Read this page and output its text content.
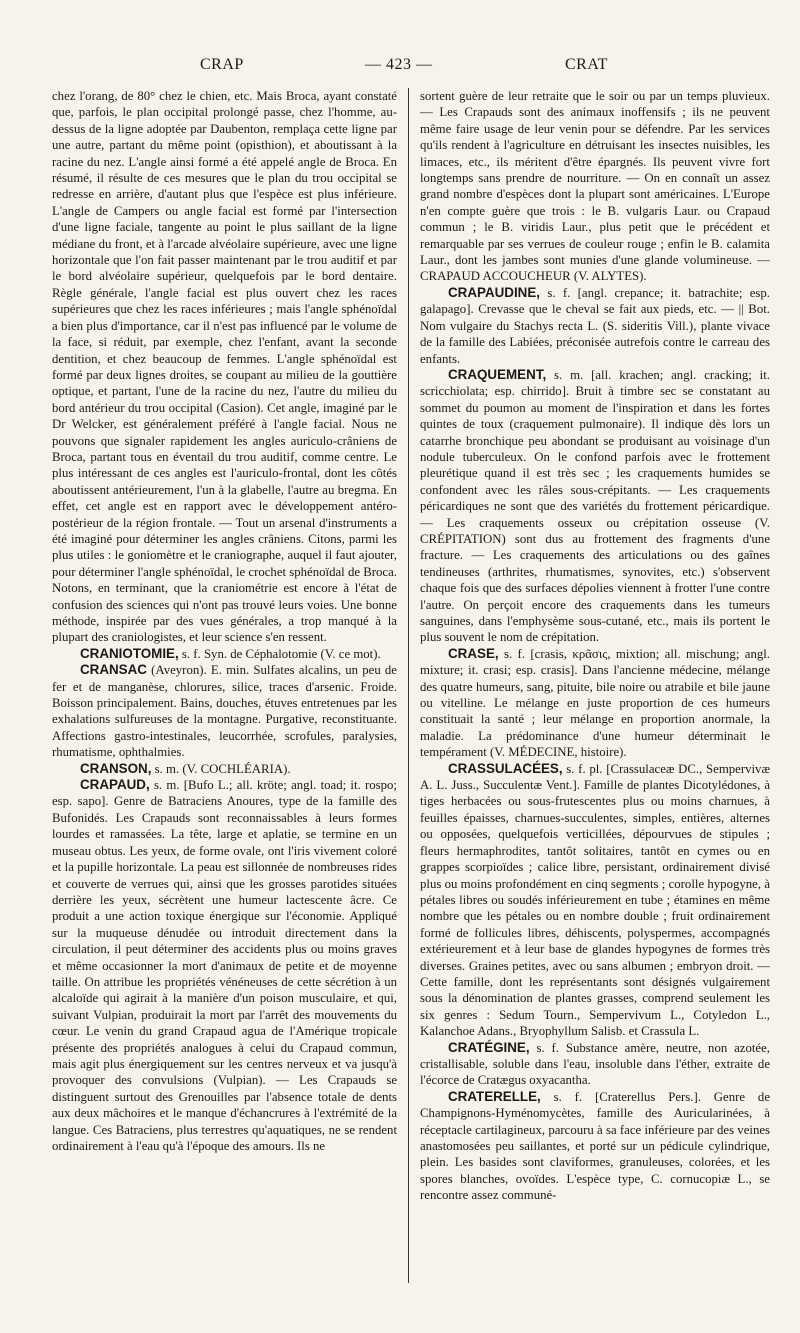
CRAP	— 423 —	CRAT

chez l'orang, de 80° chez le chien, etc. Mais Broca, ayant constaté que, parfois, le plan occipital prolongé passe, chez l'homme, au-dessus de la ligne adoptée par Daubenton, remplaça cette ligne par une autre, partant du même point (opisthion), et aboutissant à la racine du nez. L'angle ainsi formé a été appelé angle de Broca. En résumé, il résulte de ces mesures que le plan du trou occipital se redresse en arrière, d'autant plus que l'espèce est plus inférieure. L'angle de Campers ou angle facial est formé par l'intersection d'une ligne faciale, tangente au point le plus saillant de la ligne médiane du front, et à l'arcade alvéolaire supérieure, avec une ligne horizontale que l'on fait passer maintenant par le trou auditif et par le bord alvéolaire supérieur, quelquefois par le bord dentaire. Règle générale, l'angle facial est plus ouvert chez les races supérieures que chez les races inférieures ; mais l'angle sphénoïdal a bien plus d'importance, car il n'est pas influencé par le volume de la face, si réduit, par exemple, chez l'enfant, avant la seconde dentition, et chez beaucoup de femmes. L'angle sphénoïdal est formé par deux lignes droites, se coupant au milieu de la gouttière optique, et partant, l'une de la racine du nez, l'autre du milieu du bord antérieur du trou occipital (Casion). Cet angle, imaginé par le Dr Welcker, est généralement préféré à l'angle facial. Nous ne pouvons que signaler rapidement les angles auriculo-crâniens de Broca, partant tous en éventail du trou auditif, comme centre. Le plus intéressant de ces angles est l'auriculo-frontal, dont les côtés aboutissent antérieurement, l'un à la glabelle, l'autre au bregma. En effet, cet angle est en rapport avec le développement antéro-postérieur de la région frontale. — Tout un arsenal d'instruments a été imaginé pour déterminer les angles crâniens. Citons, parmi les plus utiles : le goniomètre et le craniographe, auquel il faut ajouter, pour déterminer l'angle sphénoïdal, le crochet sphénoïdal de Broca. Notons, en terminant, que la craniométrie est encore à l'état de confusion des sciences qui n'ont pas trouvé leurs voies. Une bonne méthode, inspirée par des vues générales, a trop manqué à la plupart des craniologistes, et leur science s'en ressent.

CRANIOTOMIE, s. f. Syn. de Céphalotomie (V. ce mot).

CRANSAC (Aveyron). E. min. Sulfates alcalins, un peu de fer et de manganèse, chlorures, silice, traces d'arsenic. Froide. Boisson principalement. Bains, douches, étuves entretenues par les exhalations sulfureuses de la montagne. Purgative, reconstituante. Affections gastro-intestinales, leucorrhée, scrofules, paralysies, rhumatisme, ophthalmies.

CRANSON, s. m. (V. COCHLÉARIA).

CRAPAUD, s. m. [Bufo L.; all. kröte; angl. toad; it. rospo; esp. sapo]. Genre de Batraciens Anoures, type de la famille des Bufonidés. Les Crapauds sont reconnaissables à leurs formes lourdes et ramassées. La tête, large et aplatie, se termine en un museau obtus. Les yeux, de forme ovale, ont l'iris vivement coloré et la pupille horizontale. La peau est sillonnée de nombreuses rides et couverte de verrues qui, ainsi que les grosses parotides situées derrière les yeux, sécrètent une humeur lactescente âcre. Ce produit a une action toxique énergique sur l'économie. Appliqué sur la muqueuse dénudée ou introduit directement dans la circulation, il peut déterminer des accidents plus ou moins graves et même occasionner la mort d'animaux de petite et de moyenne taille. On attribue les propriétés vénéneuses de cette sécrétion à un alcaloïde qui agirait à la manière d'un poison musculaire, et qui, suivant Vulpian, produirait la mort par l'arrêt des mouvements du cœur. Le venin du grand Crapaud agua de l'Amérique tropicale présente des propriétés analogues à celui du Crapaud commun, mais agit plus énergiquement sur les centres nerveux et va jusqu'à provoquer des convulsions (Vulpian). — Les Crapauds se distinguent surtout des Grenouilles par l'absence totale de dents aux deux mâchoires et le manque d'échancrures à l'extrémité de la langue. Ces Batraciens, plus terrestres qu'aquatiques, ne se rendent ordinairement à l'eau qu'à l'époque des amours. Ils ne

sortent guère de leur retraite que le soir ou par un temps pluvieux. — Les Crapauds sont des animaux inoffensifs ; ils ne peuvent même faire usage de leur venin pour se défendre. Par les services qu'ils rendent à l'agriculture en détruisant les insectes nuisibles, les limaces, etc., ils méritent d'être épargnés. Ils peuvent vivre fort longtemps sans prendre de nourriture. — On en connaît un assez grand nombre d'espèces dont la plupart sont américaines. L'Europe n'en compte guère que trois : le B. vulgaris Laur. ou Crapaud commun ; le B. viridis Laur., plus petit que le précédent et remarquable par ses verrues de couleur rouge ; enfin le B. calamita Laur., dont les jambes sont munies d'une glande volumineuse. — CRAPAUD ACCOUCHEUR (V. ALYTES).

CRAPAUDINE, s. f. [angl. crepance; it. batrachite; esp. galapago]. Crevasse que le cheval se fait aux pieds, etc. — || Bot. Nom vulgaire du Stachys recta L. (S. sideritis Vill.), plante vivace de la famille des Labiées, préconisée autrefois contre le carreau des enfants.

CRAQUEMENT, s. m. [all. krachen; angl. cracking; it. scricchiolata; esp. chirrido]. Bruit à timbre sec se constatant au sommet du poumon au moment de l'inspiration et dans les fortes quintes de toux (craquement pulmonaire). Il indique dès lors un catarrhe bronchique peu abondant se produisant au voisinage d'un nodule tuberculeux. On le confond parfois avec le frottement pleurétique quand il est très sec ; les craquements humides se confondent avec les râles sous-crépitants. — Les craquements péricardiques ne sont que des variétés du frottement péricardique. — Les craquements osseux ou crépitation osseuse (V. CRÉPITATION) sont dus au frottement des fragments d'une fracture. — Les craquements des articulations ou des gaînes tendineuses (arthrites, rhumatismes, synovites, etc.) s'observent chaque fois que des surfaces dépolies viennent à frotter l'une contre l'autre. On perçoit encore des craquements dans les tumeurs sanguines, dans l'emphysème sous-cutané, etc., mais ils portent le plus souvent le nom de crépitation.

CRASE, s. f. [crasis, κρᾶσις, mixtion; all. mischung; angl. mixture; it. crasi; esp. crasis]. Dans l'ancienne médecine, mélange des quatre humeurs, sang, pituite, bile noire ou atrabile et bile jaune ou vitelline. Le mélange en juste proportion de ces humeurs constituait la santé ; leur mélange en proportion anormale, la maladie. La prédominance d'une humeur déterminait le tempérament (V. MÉDECINE, histoire).

CRASSULACÉES, s. f. pl. [Crassulaceæ DC., Sempervivæ A. L. Juss., Succulentæ Vent.]. Famille de plantes Dicotylédones, à tiges herbacées ou sous-frutescentes plus ou moins charnues, à feuilles épaisses, charnues-succulentes, simples, entières, alternes ou opposées, quelquefois verticillées, dépourvues de stipules ; fleurs hermaphrodites, tantôt solitaires, tantôt en cymes ou en grappes scorpioïdes ; calice libre, persistant, ordinairement divisé plus ou moins profondément en cinq segments ; corolle hypogyne, à pétales libres ou soudés inférieurement en tube ; étamines en même nombre que les pétales ou en nombre double ; fruit ordinairement formé de follicules libres, déhiscents, polyspermes, accompagnés extérieurement et à leur base de glandes hypogynes de formes très diverses. Graines petites, avec ou sans albumen ; embryon droit. — Cette famille, dont les représentants sont désignés vulgairement sous la dénomination de plantes grasses, comprend seulement les six genres : Sedum Tourn., Sempervivum L., Cotyledon L., Kalanchoe Adans., Bryophyllum Salisb. et Crassula L.

CRATÉGINE, s. f. Substance amère, neutre, non azotée, cristallisable, soluble dans l'eau, insoluble dans l'éther, extraite de l'écorce de Cratægus oxyacantha.

CRATERELLE, s. f. [Craterellus Pers.]. Genre de Champignons-Hyménomycètes, famille des Auricularinées, à réceptacle cartilagineux, parcouru à sa face inférieure par des veines anastomosées peu saillantes, et porté sur un pédicule cylindrique, plein. Les basides sont claviformes, granuleuses, colorées, et les spores blanches, ovoïdes. L'espèce type, C. cornucopiæ L., se rencontre assez communé-
